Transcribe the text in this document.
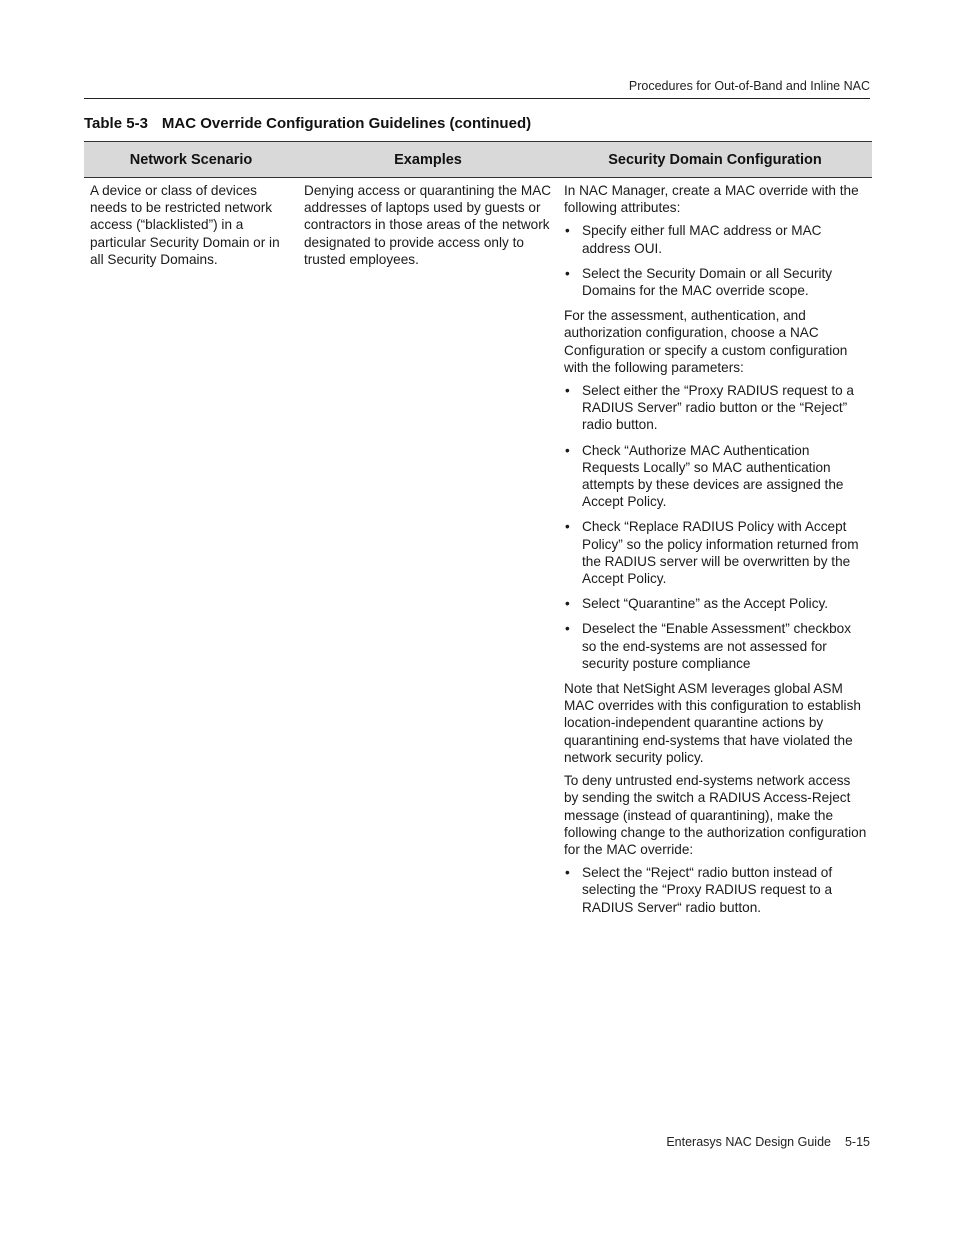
Procedures for Out-of-Band and Inline NAC
Table 5-3 MAC Override Configuration Guidelines (continued)
Network Scenario	Examples	Security Domain Configuration
A device or class of devices needs to be restricted network access (“blacklisted”) in a particular Security Domain or in all Security Domains.
Denying access or quarantining the MAC addresses of laptops used by guests or contractors in those areas of the network designated to provide access only to trusted employees.

In NAC Manager, create a MAC override with the following attributes:

• Specify either full MAC address or MAC address OUI.
• Select the Security Domain or all Security Domains for the MAC override scope.

For the assessment, authentication, and authorization configuration, choose a NAC Configuration or specify a custom configuration with the following parameters:

• Select either the “Proxy RADIUS request to a RADIUS Server” radio button or the “Reject” radio button.
• Check “Authorize MAC Authentication Requests Locally” so MAC authentication attempts by these devices are assigned the Accept Policy.
• Check “Replace RADIUS Policy with Accept Policy” so the policy information returned from the RADIUS server will be overwritten by the Accept Policy.
• Select “Quarantine” as the Accept Policy.
• Deselect the “Enable Assessment” checkbox so the end-systems are not assessed for security posture compliance

Note that NetSight ASM leverages global ASM MAC overrides with this configuration to establish location-independent quarantine actions by quarantining end-systems that have violated the network security policy.

To deny untrusted end-systems network access by sending the switch a RADIUS Access-Reject message (instead of quarantining), make the following change to the authorization configuration for the MAC override:

• Select the “Reject“ radio button instead of selecting the “Proxy RADIUS request to a RADIUS Server“ radio button.
Enterasys NAC Design Guide 5-15
